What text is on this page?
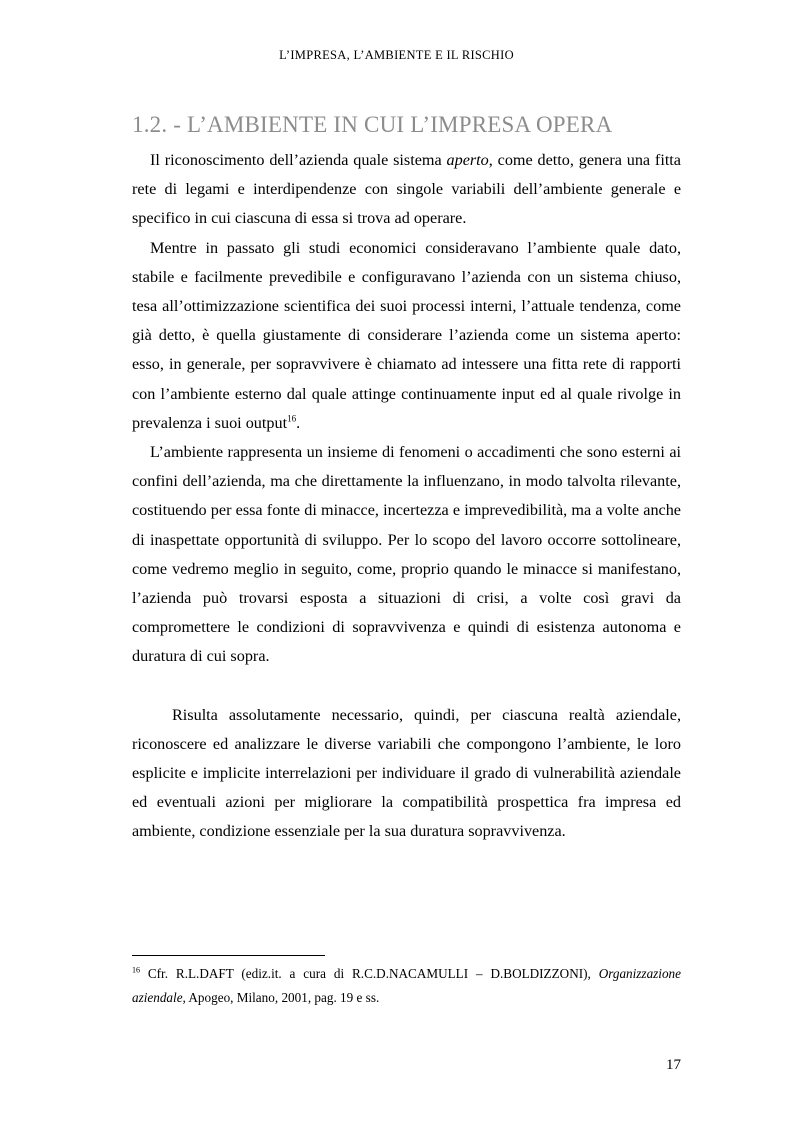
L’IMPRESA, L’AMBIENTE E IL RISCHIO
1.2. - L’AMBIENTE IN CUI L’IMPRESA OPERA

Il riconoscimento dell’azienda quale sistema aperto, come detto, genera una fitta rete di legami e interdipendenze con singole variabili dell’ambiente generale e specifico in cui ciascuna di essa si trova ad operare.

Mentre in passato gli studi economici consideravano l’ambiente quale dato, stabile e facilmente prevedibile e configuravano l’azienda con un sistema chiuso, tesa all’ottimizzazione scientifica dei suoi processi interni, l’attuale tendenza, come già detto, è quella giustamente di considerare l’azienda come un sistema aperto: esso, in generale, per sopravvivere è chiamato ad intessere una fitta rete di rapporti con l’ambiente esterno dal quale attinge continuamente input ed al quale rivolge in prevalenza i suoi output$^{16}$.

L’ambiente rappresenta un insieme di fenomeni o accadimenti che sono esterni ai confini dell’azienda, ma che direttamente la influenzano, in modo talvolta rilevante, costituendo per essa fonte di minacce, incertezza e imprevedibilità, ma a volte anche di inaspettate opportunità di sviluppo. Per lo scopo del lavoro occorre sottolineare, come vedremo meglio in seguito, come, proprio quando le minacce si manifestano, l’azienda può trovarsi esposta a situazioni di crisi, a volte così gravi da compromettere le condizioni di sopravvivenza e quindi di esistenza autonoma e duratura di cui sopra.

Risulta assolutamente necessario, quindi, per ciascuna realtà aziendale, riconoscere ed analizzare le diverse variabili che compongono l’ambiente, le loro esplicite e implicite interrelazioni per individuare il grado di vulnerabilità aziendale ed eventuali azioni per migliorare la compatibilità prospettica fra impresa ed ambiente, condizione essenziale per la sua duratura sopravvivenza.

$^{16}$ Cfr. R.L.DAFT (ediz.it. a cura di R.C.D.NACAMULLI – D.BOLDIZZONI), Organizzazione aziendale, Apogeo, Milano, 2001, pag. 19 e ss.
17
